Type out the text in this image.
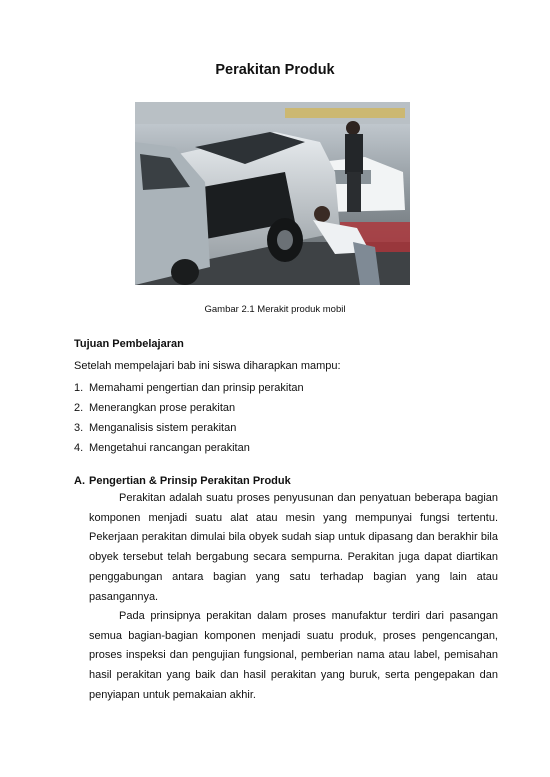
Perakitan Produk
Gambar 2.1 Merakit produk mobil
Tujuan Pembelajaran
Setelah mempelajari bab ini siswa diharapkan mampu:
1. Memahami pengertian dan prinsip perakitan
2. Menerangkan prose perakitan
3. Menganalisis sistem perakitan
4. Mengetahui rancangan perakitan
A. Pengertian & Prinsip Perakitan Produk

Perakitan adalah suatu proses penyusunan dan penyatuan beberapa bagian komponen menjadi suatu alat atau mesin yang mempunyai fungsi tertentu. Pekerjaan perakitan dimulai bila obyek sudah siap untuk dipasang dan berakhir bila obyek tersebut telah bergabung secara sempurna. Perakitan juga dapat diartikan penggabungan antara bagian yang satu terhadap bagian yang lain atau pasangannya.

Pada prinsipnya perakitan dalam proses manufaktur terdiri dari pasangan semua bagian-bagian komponen menjadi suatu produk, proses pengencangan, proses inspeksi dan pengujian fungsional, pemberian nama atau label, pemisahan hasil perakitan yang baik dan hasil perakitan yang buruk, serta pengepakan dan penyiapan untuk pemakaian akhir.
